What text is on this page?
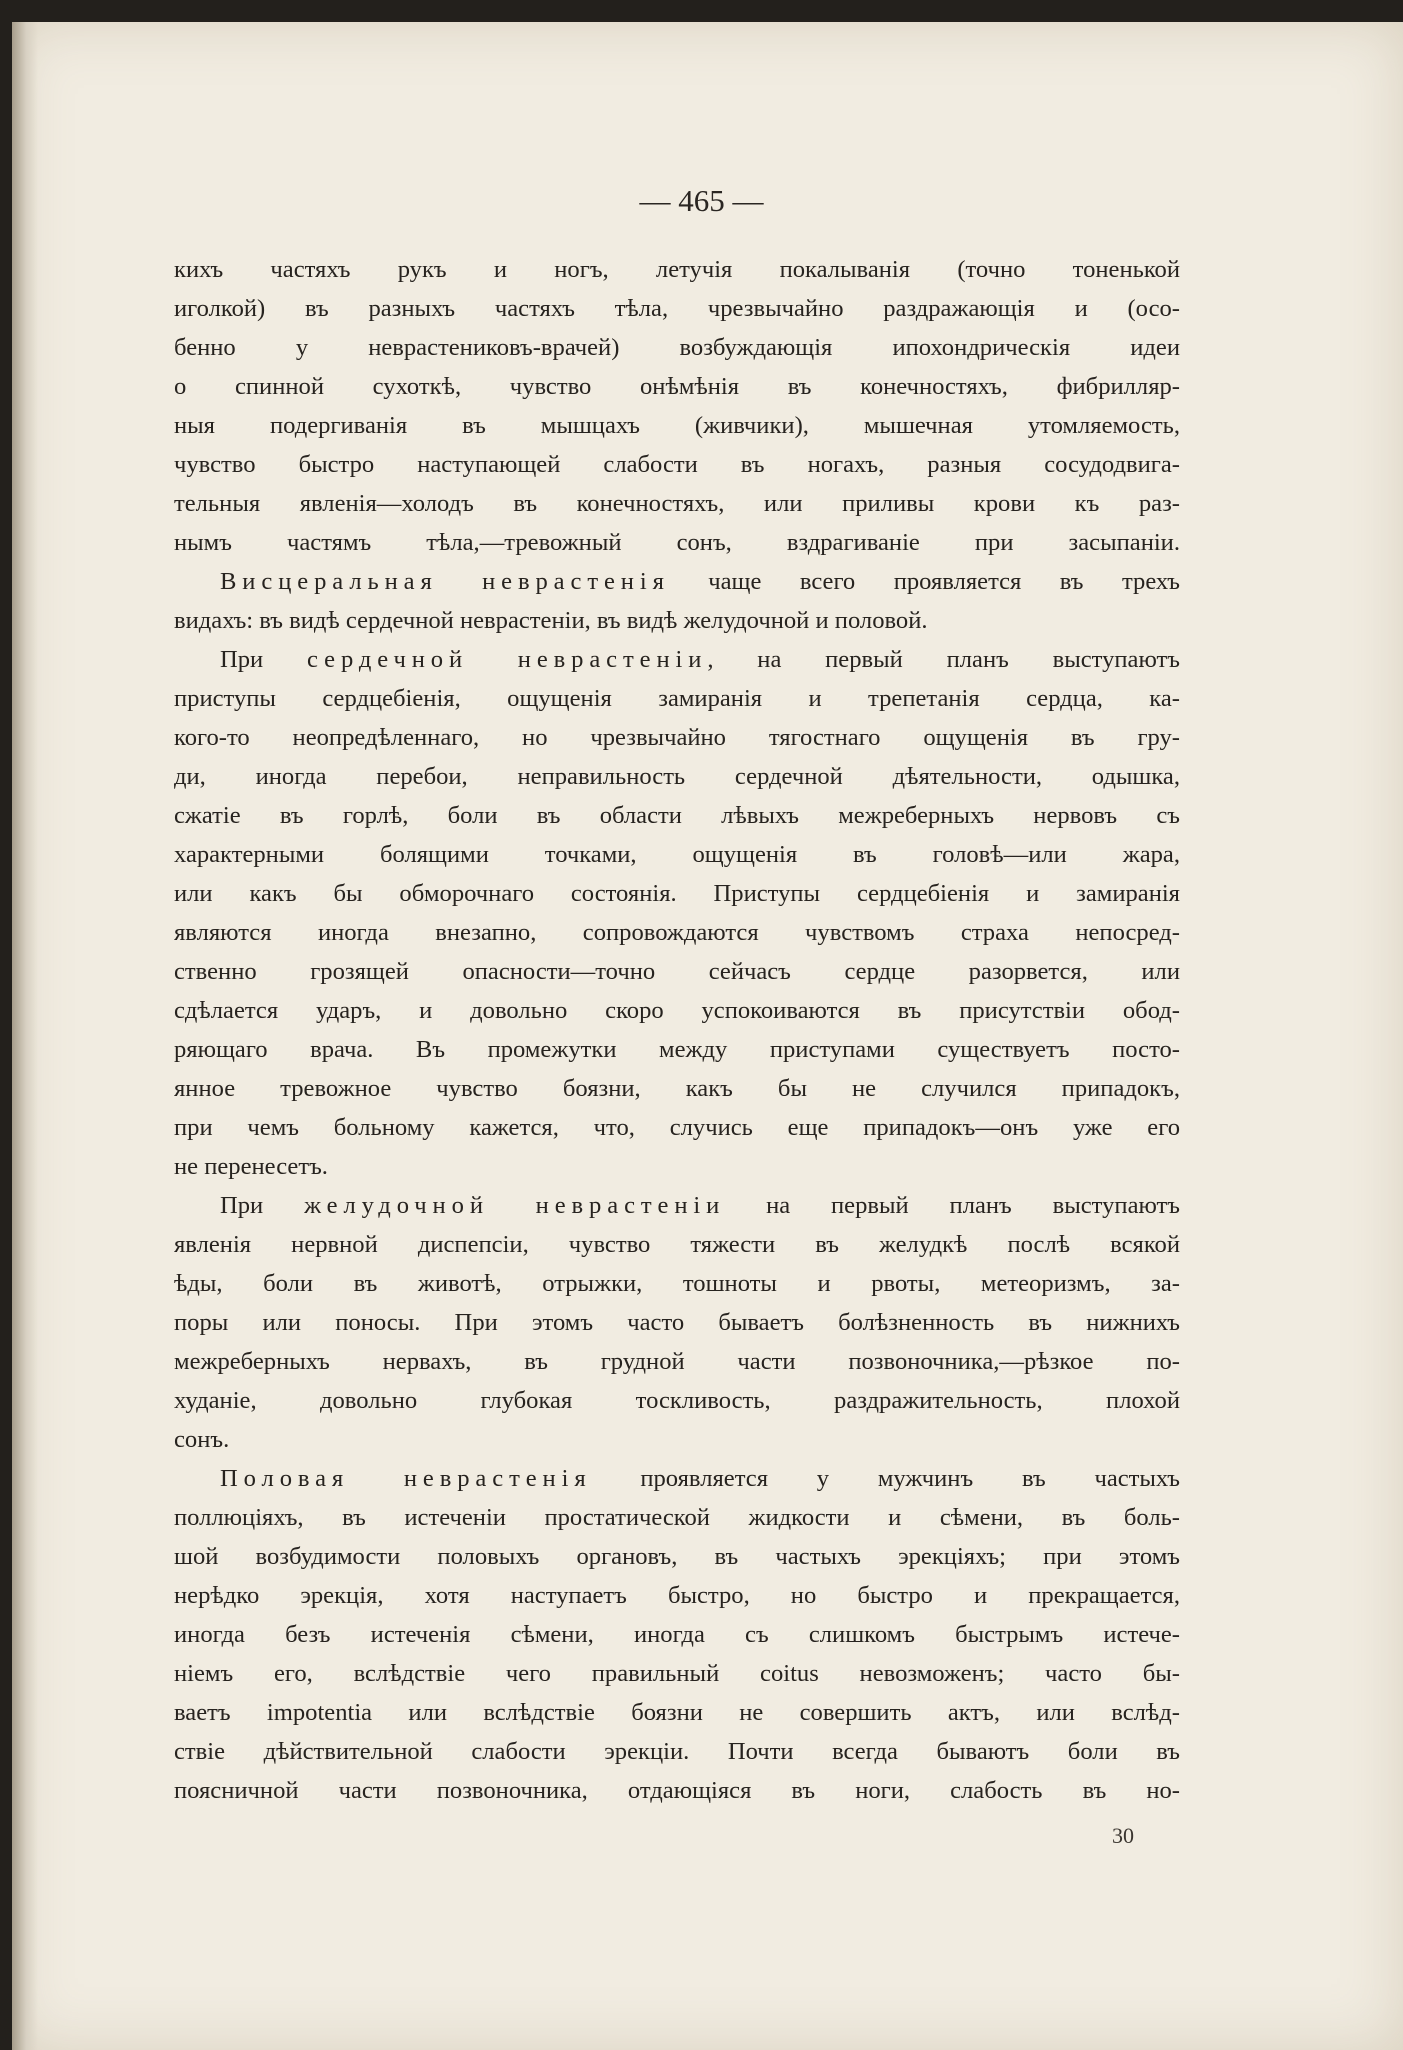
— 465 —
кихъ частяхъ рукъ и ногъ, летучія покалыванія (точно тоненькой
иголкой) въ разныхъ частяхъ тѣла, чрезвычайно раздражающія и (осо-
бенно у неврастениковъ-врачей) возбуждающія ипохондрическія идеи
о спинной сухоткѣ, чувство онѣмѣнія въ конечностяхъ, фибрилляр-
ныя подергиванія въ мышцахъ (живчики), мышечная утомляемость,
чувство быстро наступающей слабости въ ногахъ, разныя сосудодвига-
тельныя явленія—холодъ въ конечностяхъ, или приливы крови къ раз-
нымъ частямъ тѣла,—тревожный сонъ, вздрагиваніе при засыпаніи.
Висцеральная неврастенія чаще всего проявляется въ трехъ
видахъ: въ видѣ сердечной неврастеніи, въ видѣ желудочной и половой.
При сердечной неврастеніи, на первый планъ выступаютъ
приступы сердцебіенія, ощущенія замиранія и трепетанія сердца, ка-
кого-то неопредѣленнаго, но чрезвычайно тягостнаго ощущенія въ гру-
ди, иногда перебои, неправильность сердечной дѣятельности, одышка,
сжатіе въ горлѣ, боли въ области лѣвыхъ межреберныхъ нервовъ съ
характерными болящими точками, ощущенія въ головѣ—или жара,
или какъ бы обморочнаго состоянія. Приступы сердцебіенія и замиранія
являются иногда внезапно, сопровождаются чувствомъ страха непосред-
ственно грозящей опасности—точно сейчасъ сердце разорвется, или
сдѣлается ударъ, и довольно скоро успокоиваются въ присутствіи обод-
ряющаго врача. Въ промежутки между приступами существуетъ посто-
янное тревожное чувство боязни, какъ бы не случился припадокъ,
при чемъ больному кажется, что, случись еще припадокъ—онъ уже его
не перенесетъ.
При желудочной неврастеніи на первый планъ выступаютъ
явленія нервной диспепсіи, чувство тяжести въ желудкѣ послѣ всякой
ѣды, боли въ животѣ, отрыжки, тошноты и рвоты, метеоризмъ, за-
поры или поносы. При этомъ часто бываетъ болѣзненность въ нижнихъ
межреберныхъ нервахъ, въ грудной части позвоночника,—рѣзкое по-
худаніе, довольно глубокая тоскливость, раздражительность, плохой
сонъ.
Половая неврастенія проявляется у мужчинъ въ частыхъ
поллюціяхъ, въ истеченіи простатической жидкости и сѣмени, въ боль-
шой возбудимости половыхъ органовъ, въ частыхъ эрекціяхъ; при этомъ
нерѣдко эрекція, хотя наступаетъ быстро, но быстро и прекращается,
иногда безъ истеченія сѣмени, иногда съ слишкомъ быстрымъ истече-
ніемъ его, вслѣдствіе чего правильный coitus невозможенъ; часто бы-
ваетъ impotentia или вслѣдствіе боязни не совершить актъ, или вслѣд-
ствіе дѣйствительной слабости эрекціи. Почти всегда бываютъ боли въ
поясничной части позвоночника, отдающіяся въ ноги, слабость въ но-
30
